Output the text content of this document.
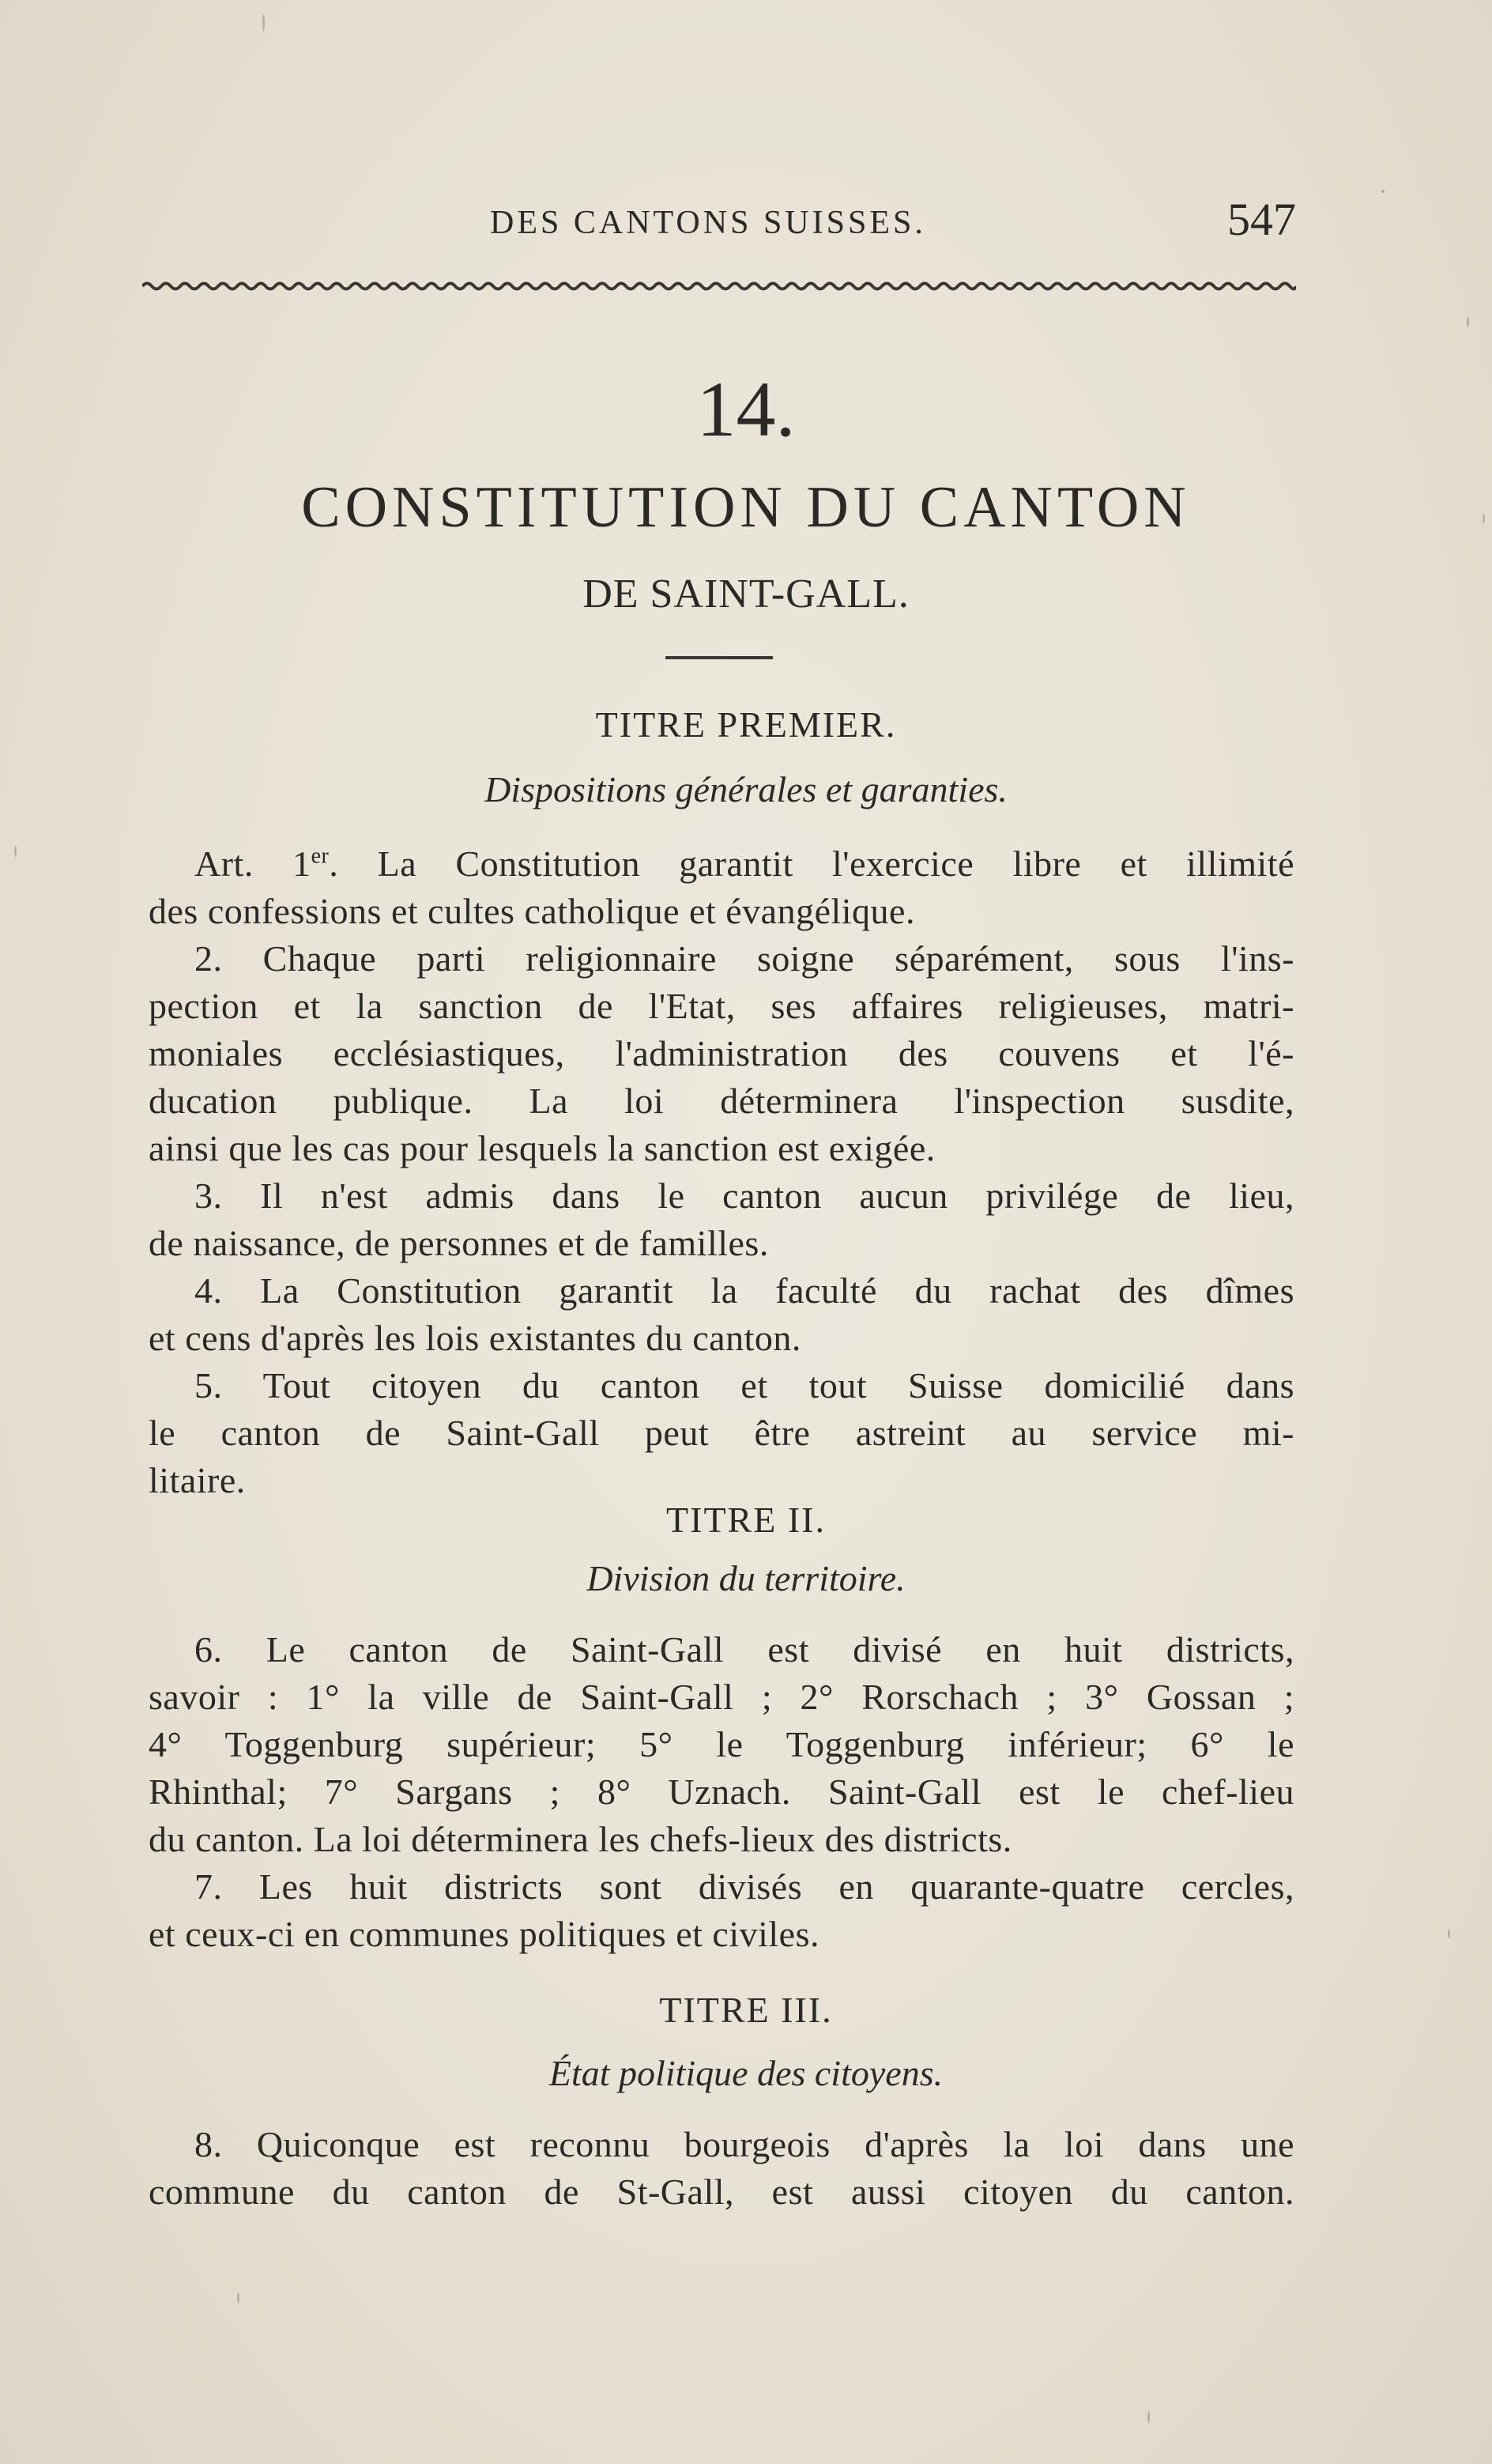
DES CANTONS SUISSES.	547
14.
CONSTITUTION DU CANTON
DE SAINT-GALL.
TITRE PREMIER.
Dispositions générales et garanties.
Art. 1er. La Constitution garantit l'exercice libre et illimité
des confessions et cultes catholique et évangélique.
2. Chaque parti religionnaire soigne séparément, sous l'ins-
pection et la sanction de l'Etat, ses affaires religieuses, matri-
moniales ecclésiastiques, l'administration des couvens et l'é-
ducation publique. La loi déterminera l'inspection susdite,
ainsi que les cas pour lesquels la sanction est exigée.
3. Il n'est admis dans le canton aucun privilége de lieu,
de naissance, de personnes et de familles.
4. La Constitution garantit la faculté du rachat des dîmes
et cens d'après les lois existantes du canton.
5. Tout citoyen du canton et tout Suisse domicilié dans
le canton de Saint-Gall peut être astreint au service mi-
litaire.
TITRE II.
Division du territoire.
6. Le canton de Saint-Gall est divisé en huit districts,
savoir : 1° la ville de Saint-Gall ; 2° Rorschach ; 3° Gossan ;
4° Toggenburg supérieur; 5° le Toggenburg inférieur; 6° le
Rhinthal; 7° Sargans ; 8° Uznach. Saint-Gall est le chef-lieu
du canton. La loi déterminera les chefs-lieux des districts.
7. Les huit districts sont divisés en quarante-quatre cercles,
et ceux-ci en communes politiques et civiles.
TITRE III.
État politique des citoyens.
8. Quiconque est reconnu bourgeois d'après la loi dans une
commune du canton de St-Gall, est aussi citoyen du canton.
